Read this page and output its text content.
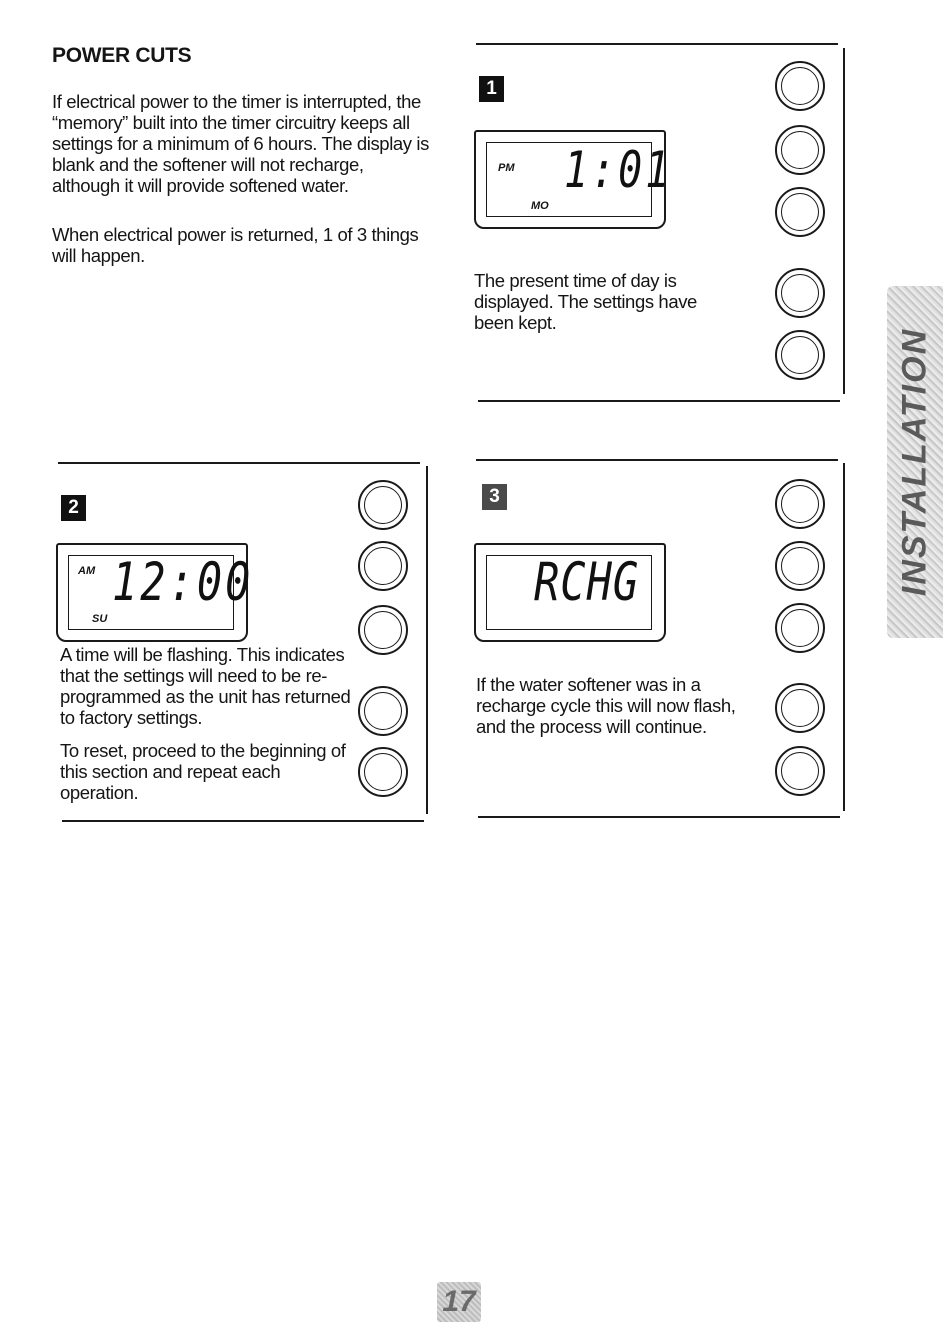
POWER CUTS

If electrical power to the timer is interrupted, the “memory” built into the timer circuitry keeps all settings for a minimum of 6 hours. The display is blank and the softener will not recharge, although it will provide softened water.

When electrical power is returned, 1 of 3 things will happen.

1
PM 1:01
MO

The present time of day is displayed. The settings have been kept.

2
AM 12:00
SU

A time will be flashing. This indicates that the settings will need to be re-programmed as the unit has returned to factory settings.

To reset, proceed to the beginning of this section and repeat each operation.

3
RCHG

If the water softener was in a recharge cycle this will now flash, and the process will continue.

INSTALLATION
17
